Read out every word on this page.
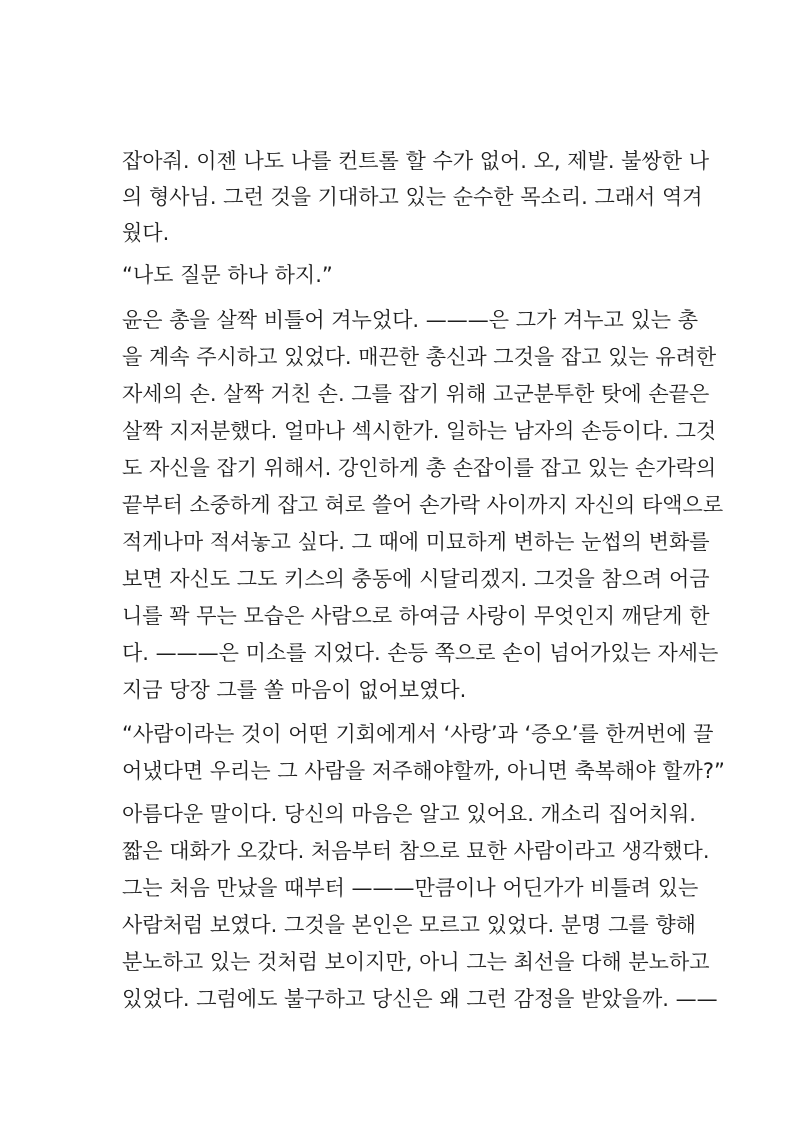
잡아줘. 이젠 나도 나를 컨트롤 할 수가 없어. 오, 제발. 불쌍한 나
의 형사님. 그런 것을 기대하고 있는 순수한 목소리. 그래서 역겨
웠다.
“나도 질문 하나 하지.”
윤은 총을 살짝 비틀어 겨누었다. ———은 그가 겨누고 있는 총
을 계속 주시하고 있었다. 매끈한 총신과 그것을 잡고 있는 유려한
자세의 손. 살짝 거친 손. 그를 잡기 위해 고군분투한 탓에 손끝은
살짝 지저분했다. 얼마나 섹시한가. 일하는 남자의 손등이다. 그것
도 자신을 잡기 위해서. 강인하게 총 손잡이를 잡고 있는 손가락의
끝부터 소중하게 잡고 혀로 쓸어 손가락 사이까지 자신의 타액으로
적게나마 적셔놓고 싶다. 그 때에 미묘하게 변하는 눈썹의 변화를
보면 자신도 그도 키스의 충동에 시달리겠지. 그것을 참으려 어금
니를 꽉 무는 모습은 사람으로 하여금 사랑이 무엇인지 깨닫게 한
다. ———은 미소를 지었다. 손등 쪽으로 손이 넘어가있는 자세는
지금 당장 그를 쏠 마음이 없어보였다.
“사람이라는 것이 어떤 기회에게서 ‘사랑’과 ‘증오’를 한꺼번에 끌
어냈다면 우리는 그 사람을 저주해야할까, 아니면 축복해야 할까?”
아름다운 말이다. 당신의 마음은 알고 있어요. 개소리 집어치워.
짧은 대화가 오갔다. 처음부터 참으로 묘한 사람이라고 생각했다.
그는 처음 만났을 때부터 ———만큼이나 어딘가가 비틀려 있는
사람처럼 보였다. 그것을 본인은 모르고 있었다. 분명 그를 향해
분노하고 있는 것처럼 보이지만, 아니 그는 최선을 다해 분노하고
있었다. 그럼에도 불구하고 당신은 왜 그런 감정을 받았을까. ——
